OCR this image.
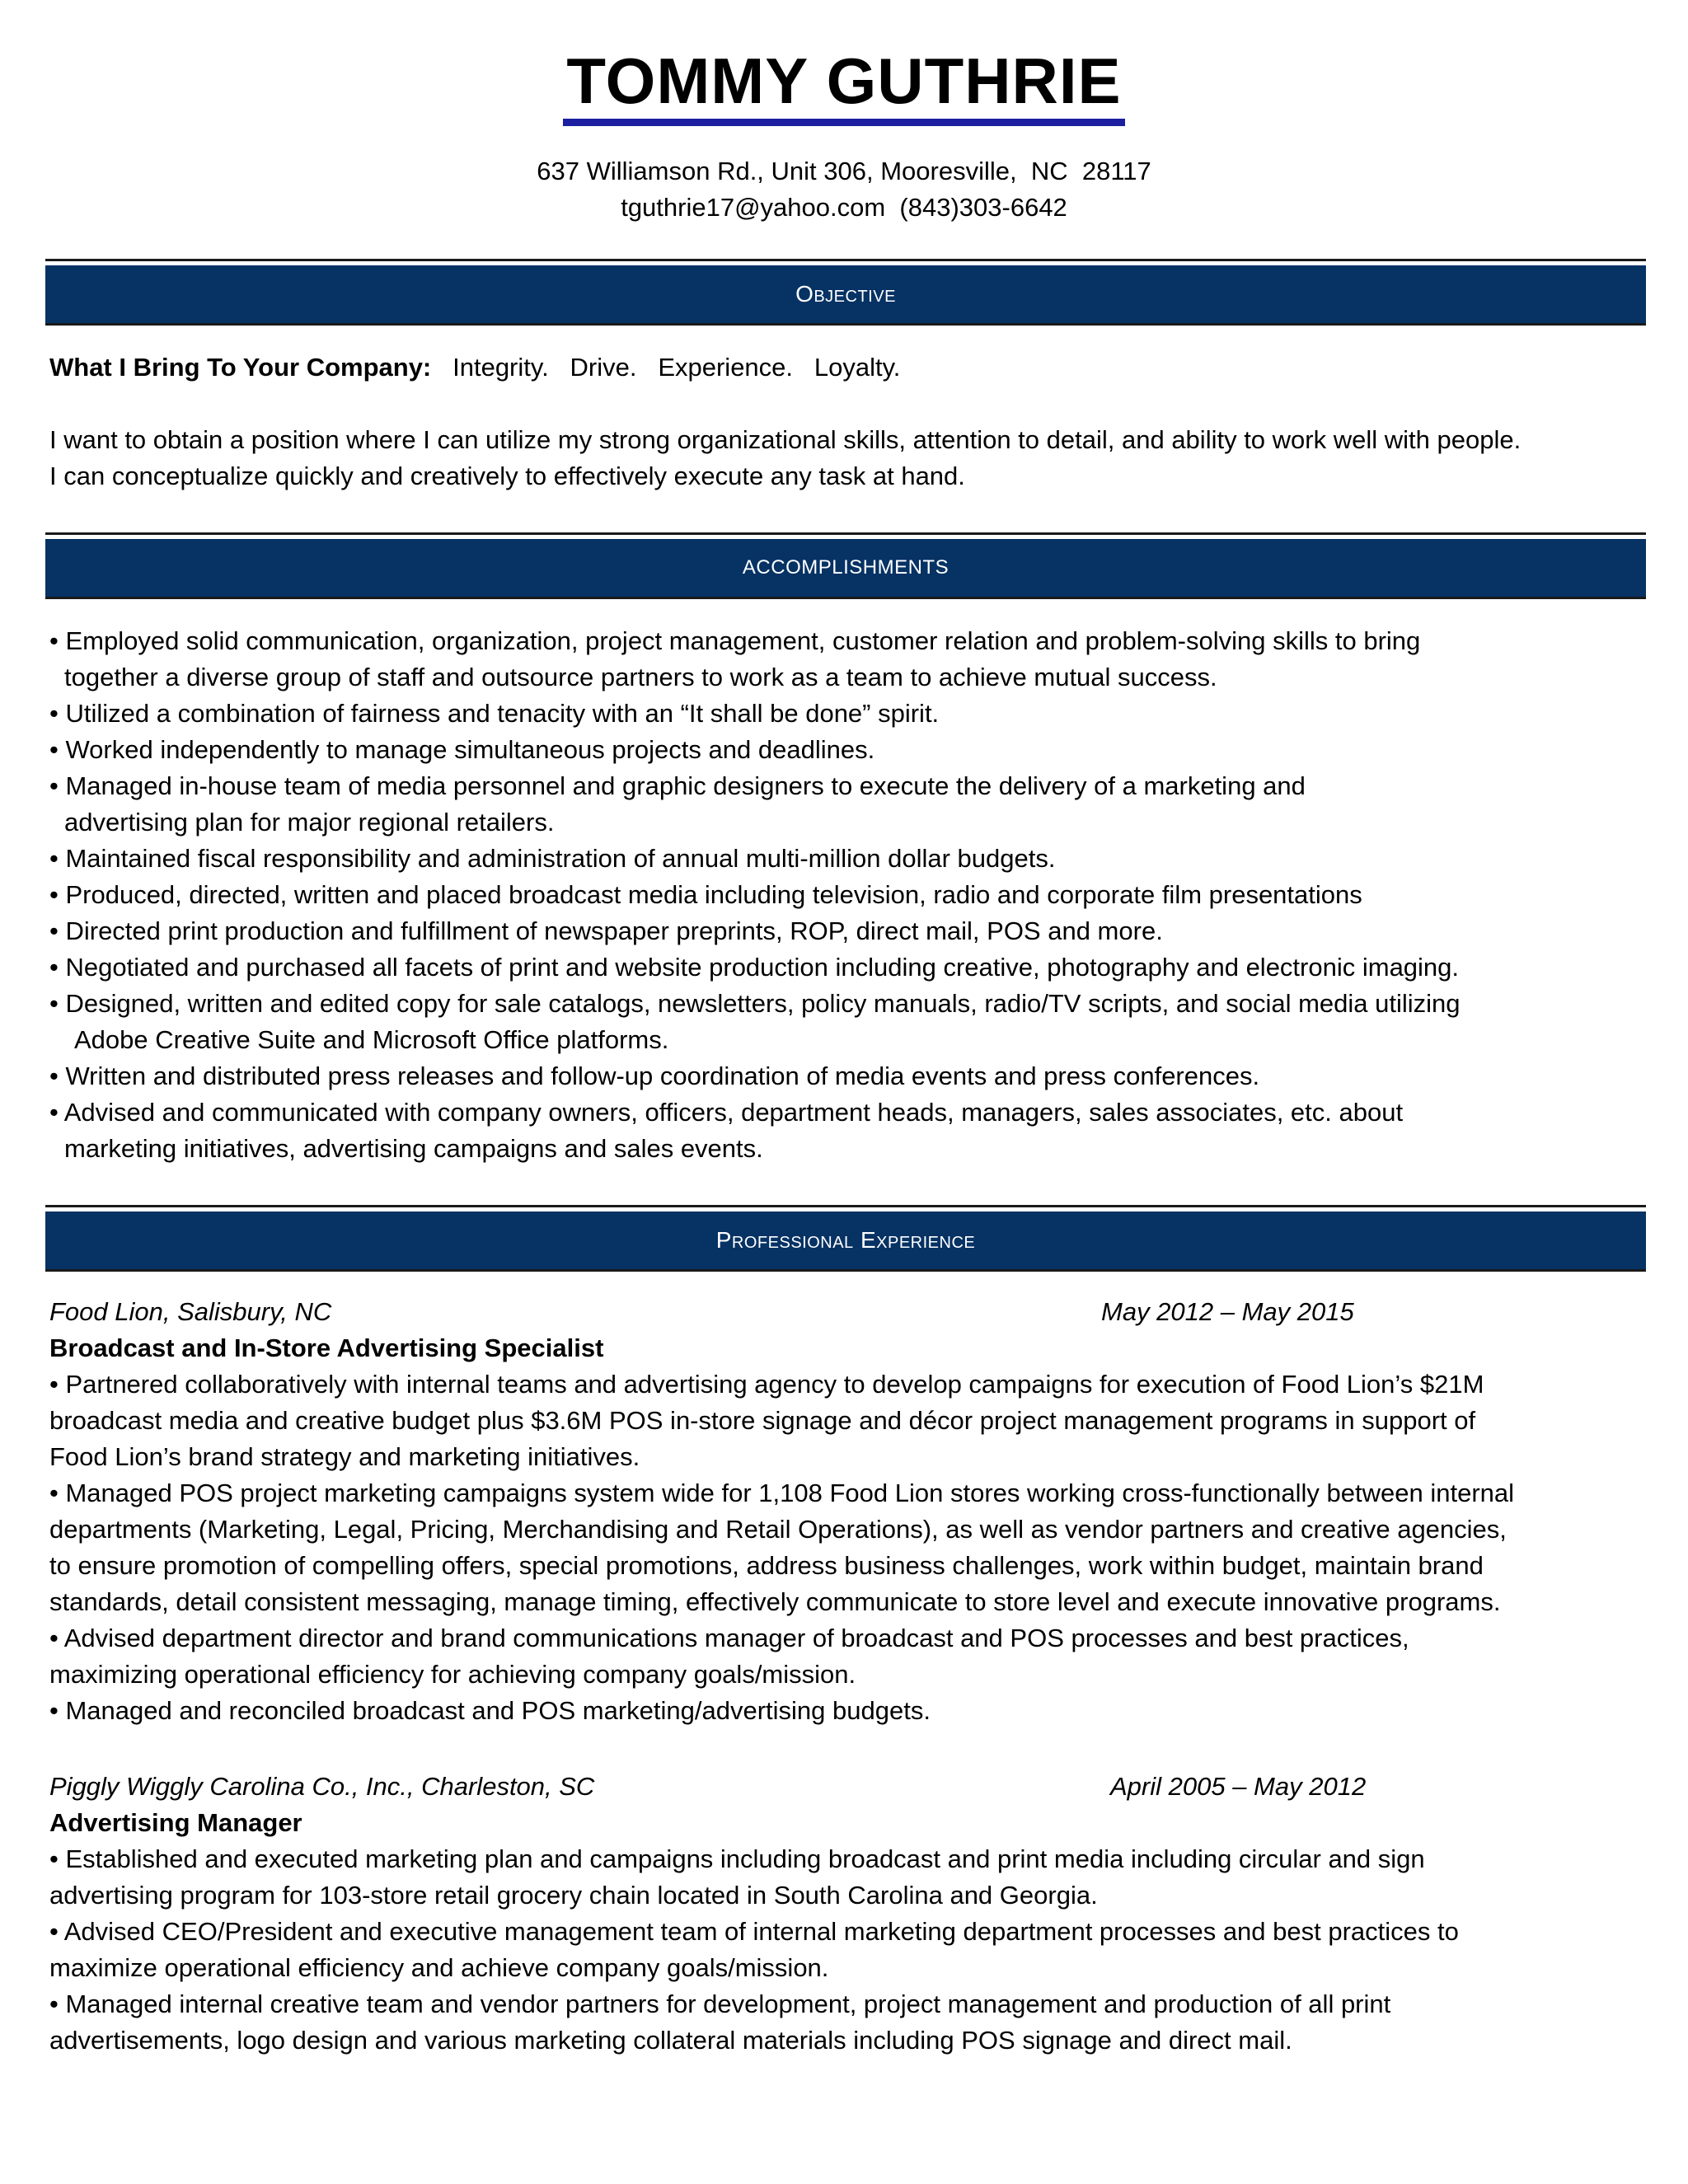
TOMMY GUTHRIE
637 Williamson Rd., Unit 306, Mooresville,  NC  28117
tguthrie17@yahoo.com  (843)303-6642
Objective
What I Bring To Your Company: Integrity.   Drive.   Experience.   Loyalty.
I want to obtain a position where I can utilize my strong organizational skills, attention to detail, and ability to work well with people.
I can conceptualize quickly and creatively to effectively execute any task at hand.
ACCOMPLISHMENTS
• Employed solid communication, organization, project management, customer relation and problem-solving skills to bring
together a diverse group of staff and outsource partners to work as a team to achieve mutual success.
• Utilized a combination of fairness and tenacity with an “It shall be done” spirit.
• Worked independently to manage simultaneous projects and deadlines.
• Managed in-house team of media personnel and graphic designers to execute the delivery of a marketing and
advertising plan for major regional retailers.
• Maintained fiscal responsibility and administration of annual multi-million dollar budgets.
• Produced, directed, written and placed broadcast media including television, radio and corporate film presentations
• Directed print production and fulfillment of newspaper preprints, ROP, direct mail, POS and more.
• Negotiated and purchased all facets of print and website production including creative, photography and electronic imaging.
• Designed, written and edited copy for sale catalogs, newsletters, policy manuals, radio/TV scripts, and social media utilizing
Adobe Creative Suite and Microsoft Office platforms.
• Written and distributed press releases and follow-up coordination of media events and press conferences.
• Advised and communicated with company owners, officers, department heads, managers, sales associates, etc. about
marketing initiatives, advertising campaigns and sales events.
Professional Experience
Food Lion, Salisbury, NC	May 2012 – May 2015
Broadcast and In-Store Advertising Specialist
• Partnered collaboratively with internal teams and advertising agency to develop campaigns for execution of Food Lion’s $21M
broadcast media and creative budget plus $3.6M POS in-store signage and décor project management programs in support of
Food Lion’s brand strategy and marketing initiatives.
• Managed POS project marketing campaigns system wide for 1,108 Food Lion stores working cross-functionally between internal
departments (Marketing, Legal, Pricing, Merchandising and Retail Operations), as well as vendor partners and creative agencies,
to ensure promotion of compelling offers, special promotions, address business challenges, work within budget, maintain brand
standards, detail consistent messaging, manage timing, effectively communicate to store level and execute innovative programs.
• Advised department director and brand communications manager of broadcast and POS processes and best practices,
maximizing operational efficiency for achieving company goals/mission.
• Managed and reconciled broadcast and POS marketing/advertising budgets.
Piggly Wiggly Carolina Co., Inc., Charleston, SC	April 2005 – May 2012
Advertising Manager
• Established and executed marketing plan and campaigns including broadcast and print media including circular and sign
advertising program for 103-store retail grocery chain located in South Carolina and Georgia.
• Advised CEO/President and executive management team of internal marketing department processes and best practices to
maximize operational efficiency and achieve company goals/mission.
• Managed internal creative team and vendor partners for development, project management and production of all print
advertisements, logo design and various marketing collateral materials including POS signage and direct mail.
